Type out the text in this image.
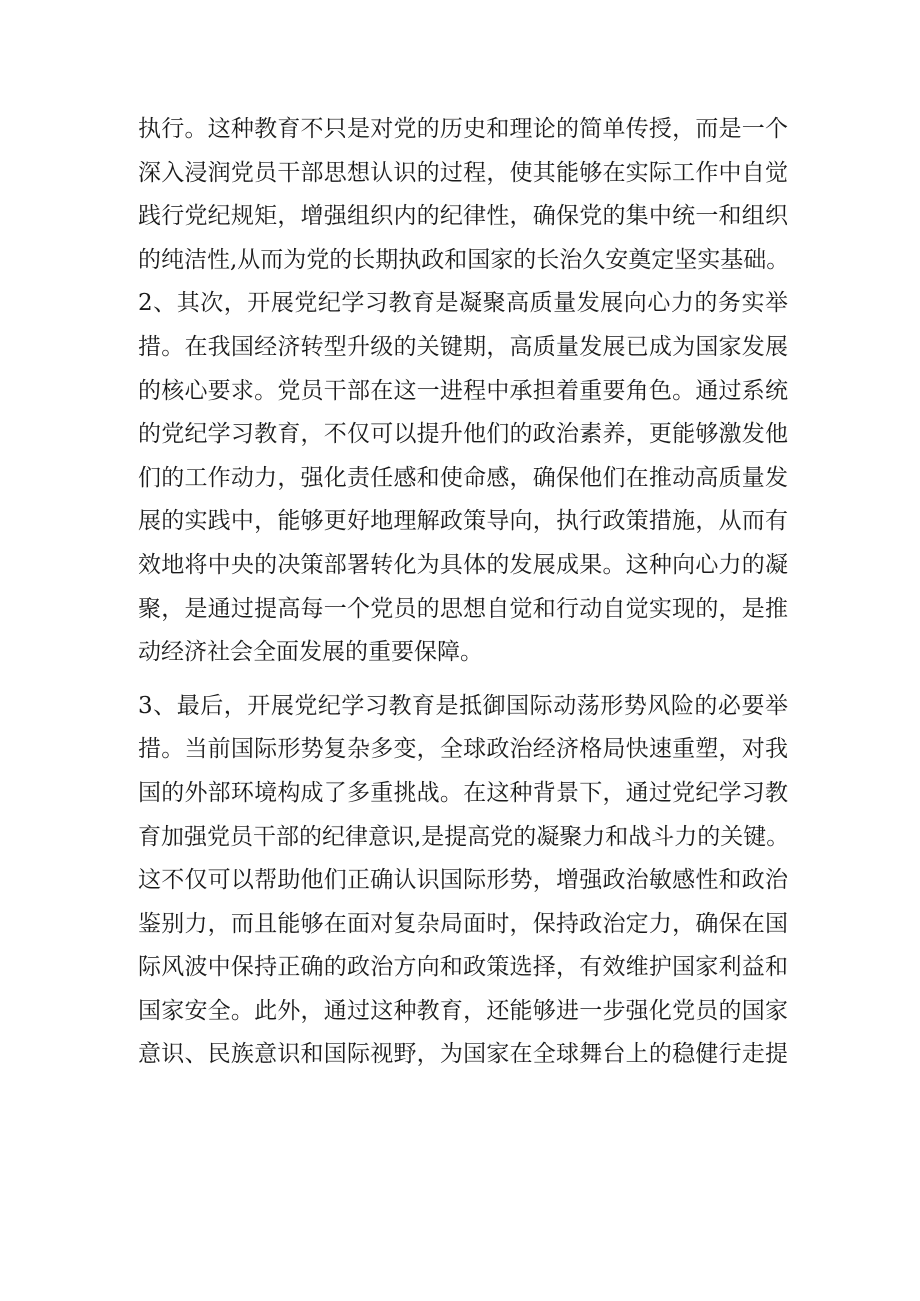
执行。这种教育不只是对党的历史和理论的简单传授，而是一个
深入浸润党员干部思想认识的过程，使其能够在实际工作中自觉
践行党纪规矩，增强组织内的纪律性，确保党的集中统一和组织
的纯洁性,从而为党的长期执政和国家的长治久安奠定坚实基础。
2、其次，开展党纪学习教育是凝聚高质量发展向心力的务实举
措。在我国经济转型升级的关键期，高质量发展已成为国家发展
的核心要求。党员干部在这一进程中承担着重要角色。通过系统
的党纪学习教育，不仅可以提升他们的政治素养，更能够激发他
们的工作动力，强化责任感和使命感，确保他们在推动高质量发
展的实践中，能够更好地理解政策导向，执行政策措施，从而有
效地将中央的决策部署转化为具体的发展成果。这种向心力的凝
聚，是通过提高每一个党员的思想自觉和行动自觉实现的，是推
动经济社会全面发展的重要保障。
3、最后，开展党纪学习教育是抵御国际动荡形势风险的必要举
措。当前国际形势复杂多变，全球政治经济格局快速重塑，对我
国的外部环境构成了多重挑战。在这种背景下，通过党纪学习教
育加强党员干部的纪律意识,是提高党的凝聚力和战斗力的关键。
这不仅可以帮助他们正确认识国际形势，增强政治敏感性和政治
鉴别力，而且能够在面对复杂局面时，保持政治定力，确保在国
际风波中保持正确的政治方向和政策选择，有效维护国家利益和
国家安全。此外，通过这种教育，还能够进一步强化党员的国家
意识、民族意识和国际视野，为国家在全球舞台上的稳健行走提
